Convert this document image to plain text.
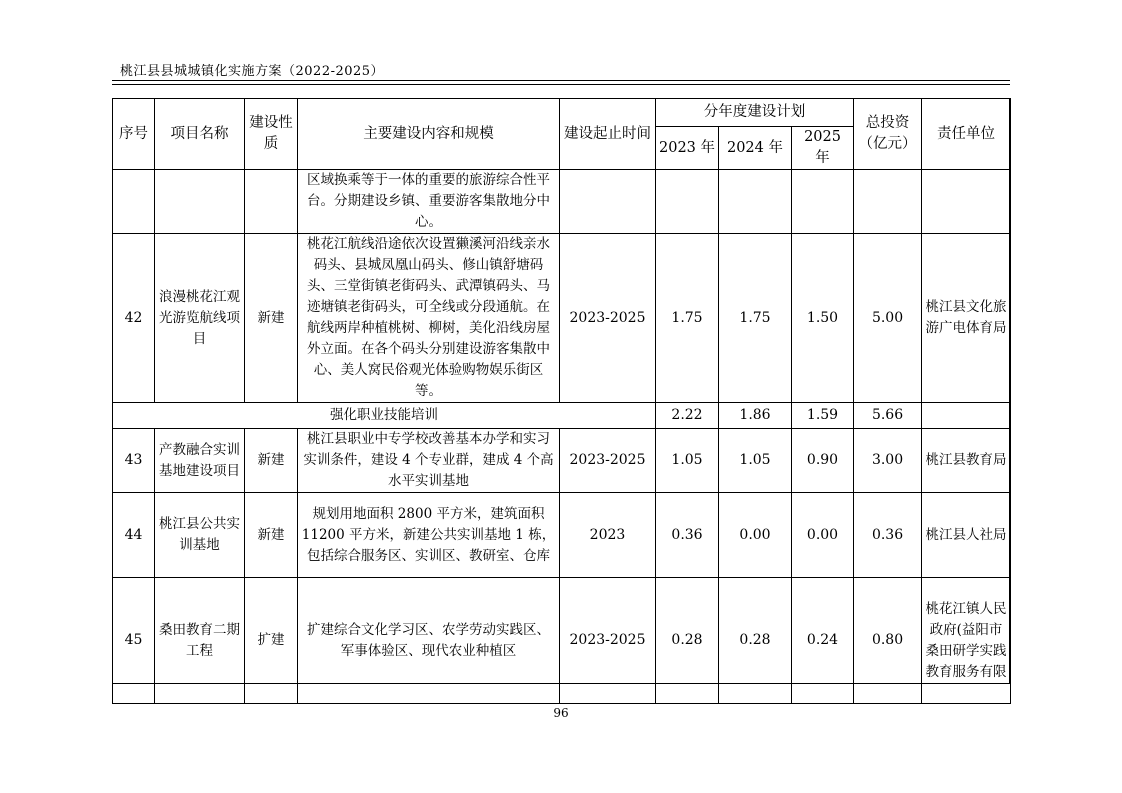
桃江县县城城镇化实施方案（2022-2025）
序号	项目名称	建设性质	主要建设内容和规模	建设起止时间	分年度建设计划			总投资（亿元）	责任单位
					2023 年	2024 年	2025 年		
			区域换乘等于一体的重要的旅游综合性平台。分期建设乡镇、重要游客集散地分中心。						
42	浪漫桃花江观光游览航线项目	新建	桃花江航线沿途依次设置獭溪河沿线亲水码头、县城凤凰山码头、修山镇舒塘码头、三堂街镇老街码头、武潭镇码头、马迹塘镇老街码头，可全线或分段通航。在航线两岸种植桃树、柳树，美化沿线房屋外立面。在各个码头分别建设游客集散中心、美人窝民俗观光体验购物娱乐街区等。	2023-2025	1.75	1.75	1.50	5.00	桃江县文化旅游广电体育局
强化职业技能培训					2.22	1.86	1.59	5.66	
43	产教融合实训基地建设项目	新建	桃江县职业中专学校改善基本办学和实习实训条件，建设 4 个专业群，建成 4 个高水平实训基地	2023-2025	1.05	1.05	0.90	3.00	桃江县教育局
44	桃江县公共实训基地	新建	规划用地面积 2800 平方米，建筑面积 11200 平方米，新建公共实训基地 1 栋，包括综合服务区、实训区、教研室、仓库	2023	0.36	0.00	0.00	0.36	桃江县人社局
45	桑田教育二期工程	扩建	扩建综合文化学习区、农学劳动实践区、军事体验区、现代农业种植区	2023-2025	0.28	0.28	0.24	0.80	桃花江镇人民政府(益阳市桑田研学实践教育服务有限
96
